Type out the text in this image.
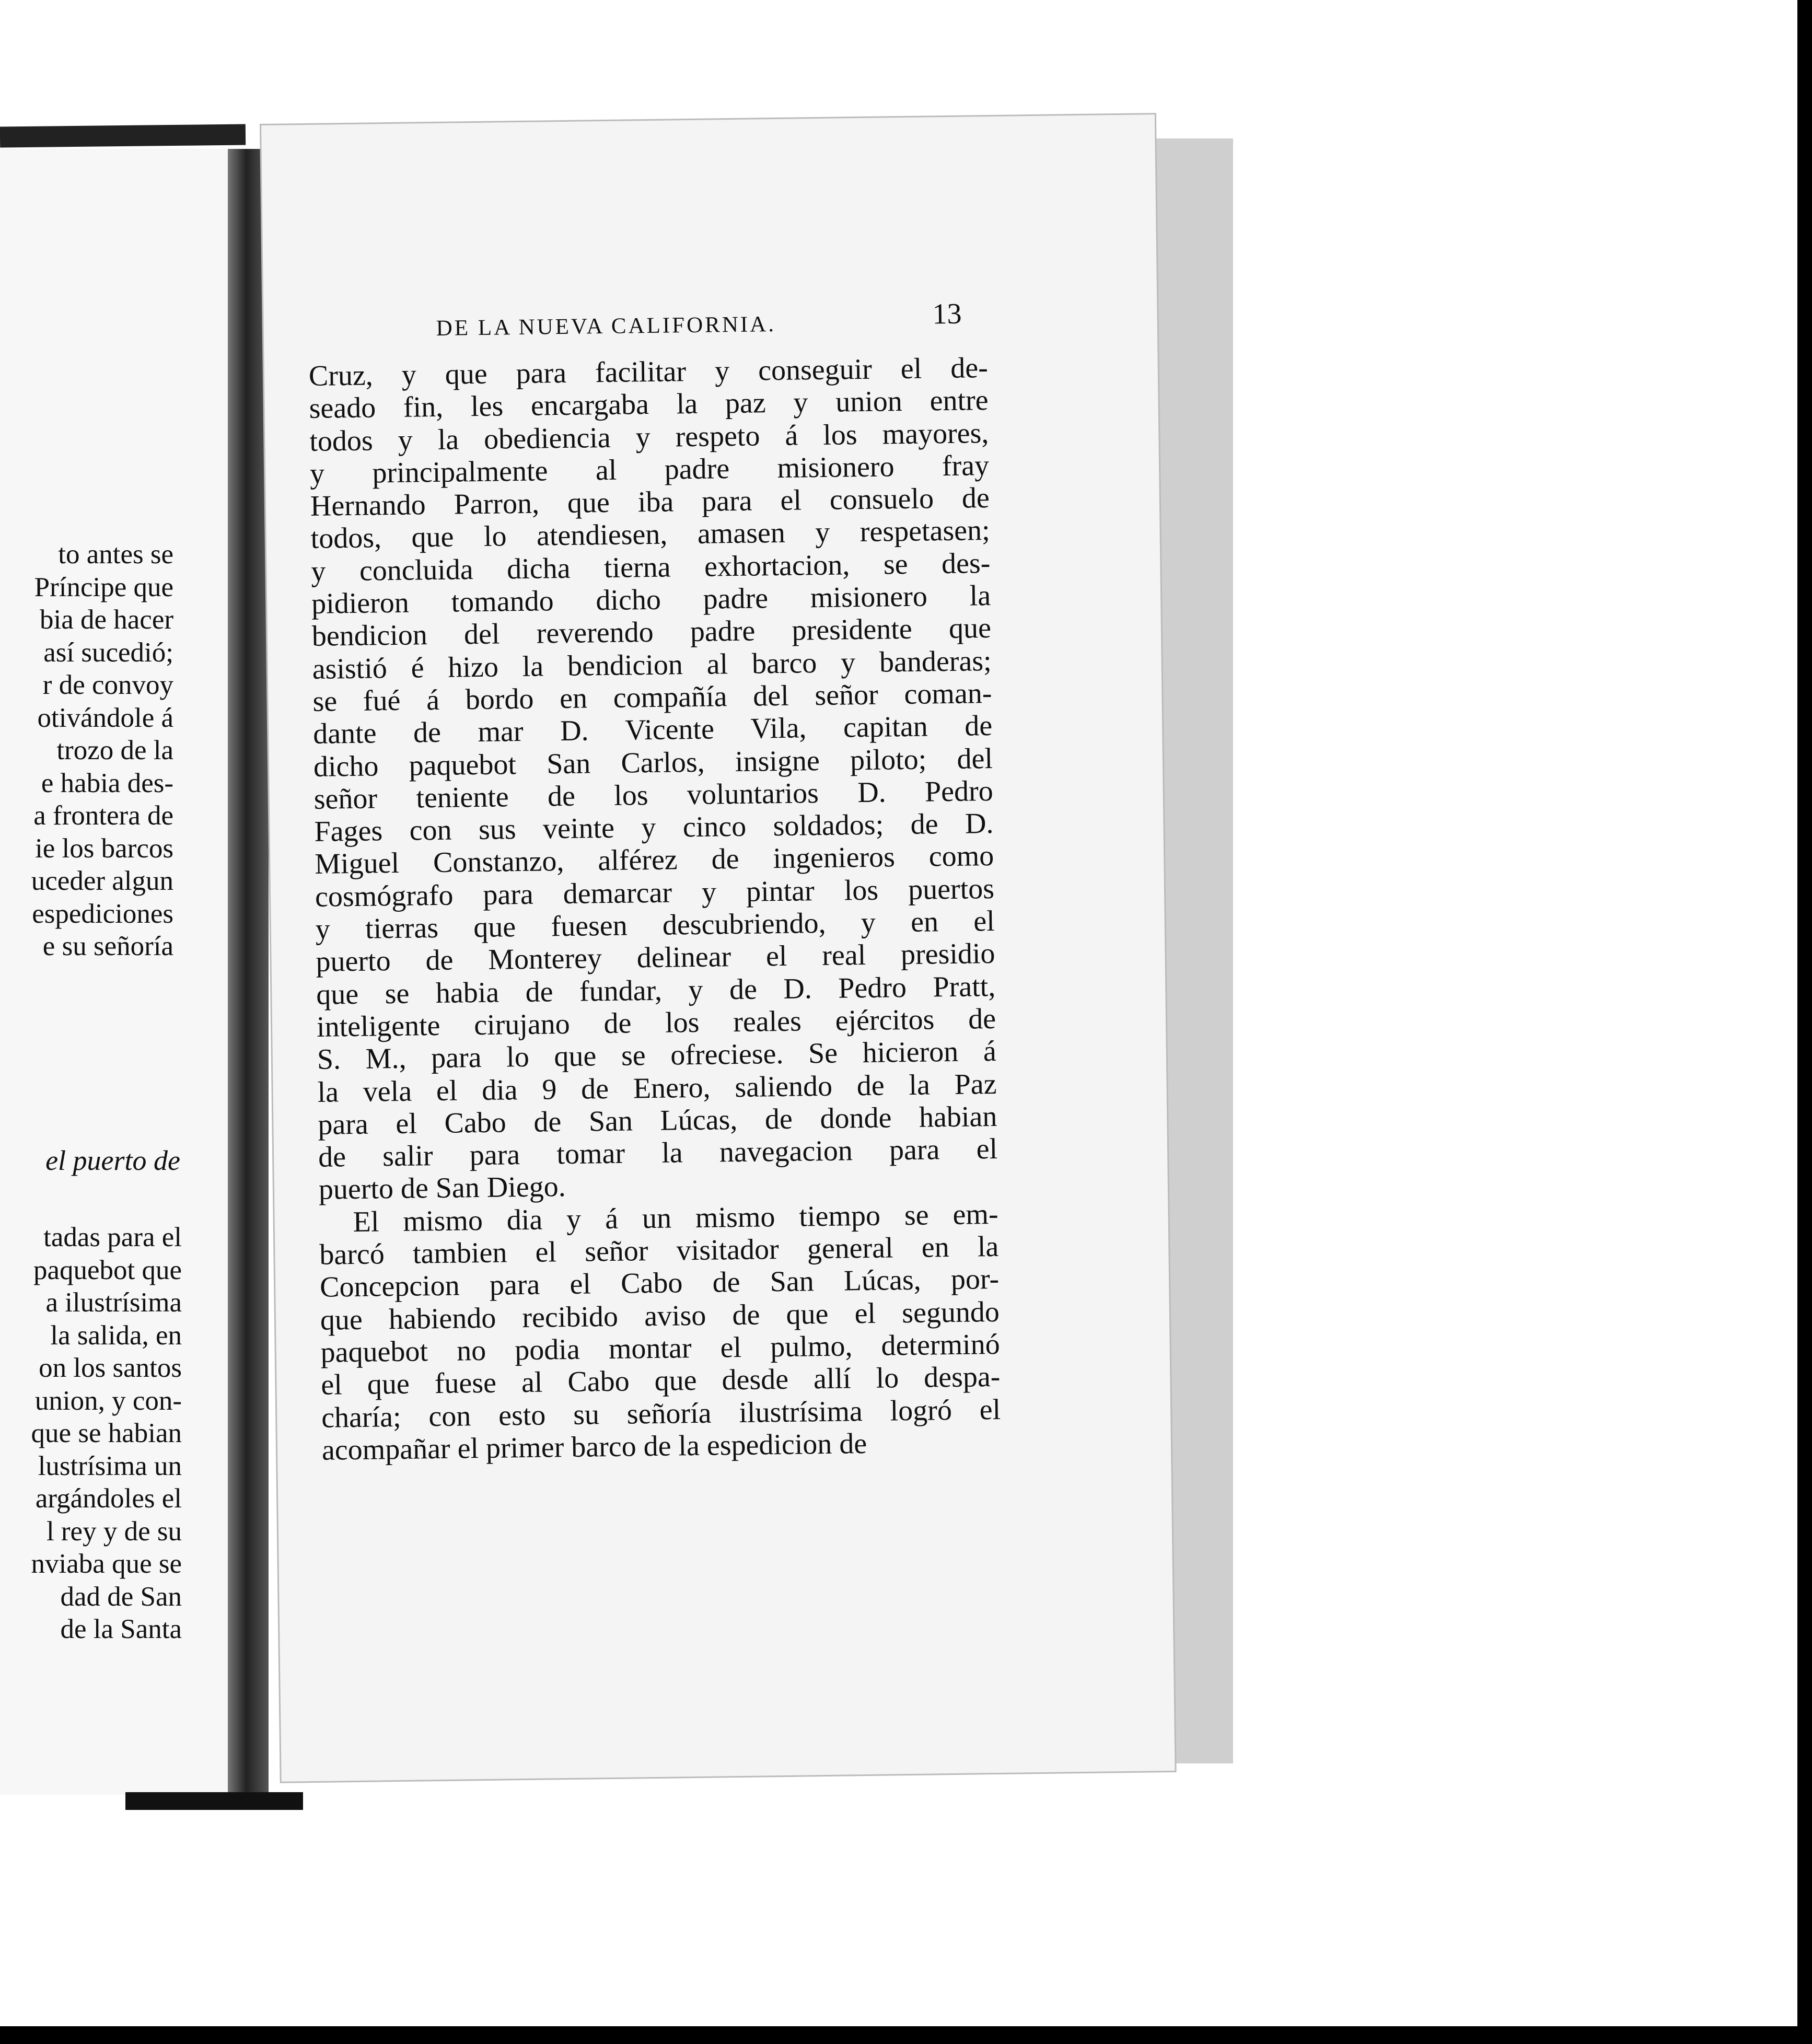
to antes se
Príncipe que
bia de hacer
así sucedió;
r de convoy
otivándole á
trozo de la
e habia des-
a frontera de
ie los barcos
uceder algun
espediciones
e su señoría
el puerto de
tadas para el
paquebot que
a ilustrísima
la salida, en
on los santos
union, y con-
que se habian
lustrísima un
argándoles el
l rey y de su
nviaba que se
dad de San
de la Santa
DE LA NUEVA CALIFORNIA.	13
Cruz, y que para facilitar y conseguir el de-
seado fin, les encargaba la paz y union entre
todos y la obediencia y respeto á los mayores,
y principalmente al padre misionero fray
Hernando Parron, que iba para el consuelo de
todos, que lo atendiesen, amasen y respetasen;
y concluida dicha tierna exhortacion, se des-
pidieron tomando dicho padre misionero la
bendicion del reverendo padre presidente que
asistió é hizo la bendicion al barco y banderas;
se fué á bordo en compañía del señor coman-
dante de mar D. Vicente Vila, capitan de
dicho paquebot San Carlos, insigne piloto; del
señor teniente de los voluntarios D. Pedro
Fages con sus veinte y cinco soldados; de D.
Miguel Constanzo, alférez de ingenieros como
cosmógrafo para demarcar y pintar los puertos
y tierras que fuesen descubriendo, y en el
puerto de Monterey delinear el real presidio
que se habia de fundar, y de D. Pedro Pratt,
inteligente cirujano de los reales ejércitos de
S. M., para lo que se ofreciese. Se hicieron á
la vela el dia 9 de Enero, saliendo de la Paz
para el Cabo de San Lúcas, de donde habian
de salir para tomar la navegacion para el
puerto de San Diego.
El mismo dia y á un mismo tiempo se em-
barcó tambien el señor visitador general en la
Concepcion para el Cabo de San Lúcas, por-
que habiendo recibido aviso de que el segundo
paquebot no podia montar el pulmo, determinó
el que fuese al Cabo que desde allí lo despa-
charía; con esto su señoría ilustrísima logró el
acompañar el primer barco de la espedicion de
